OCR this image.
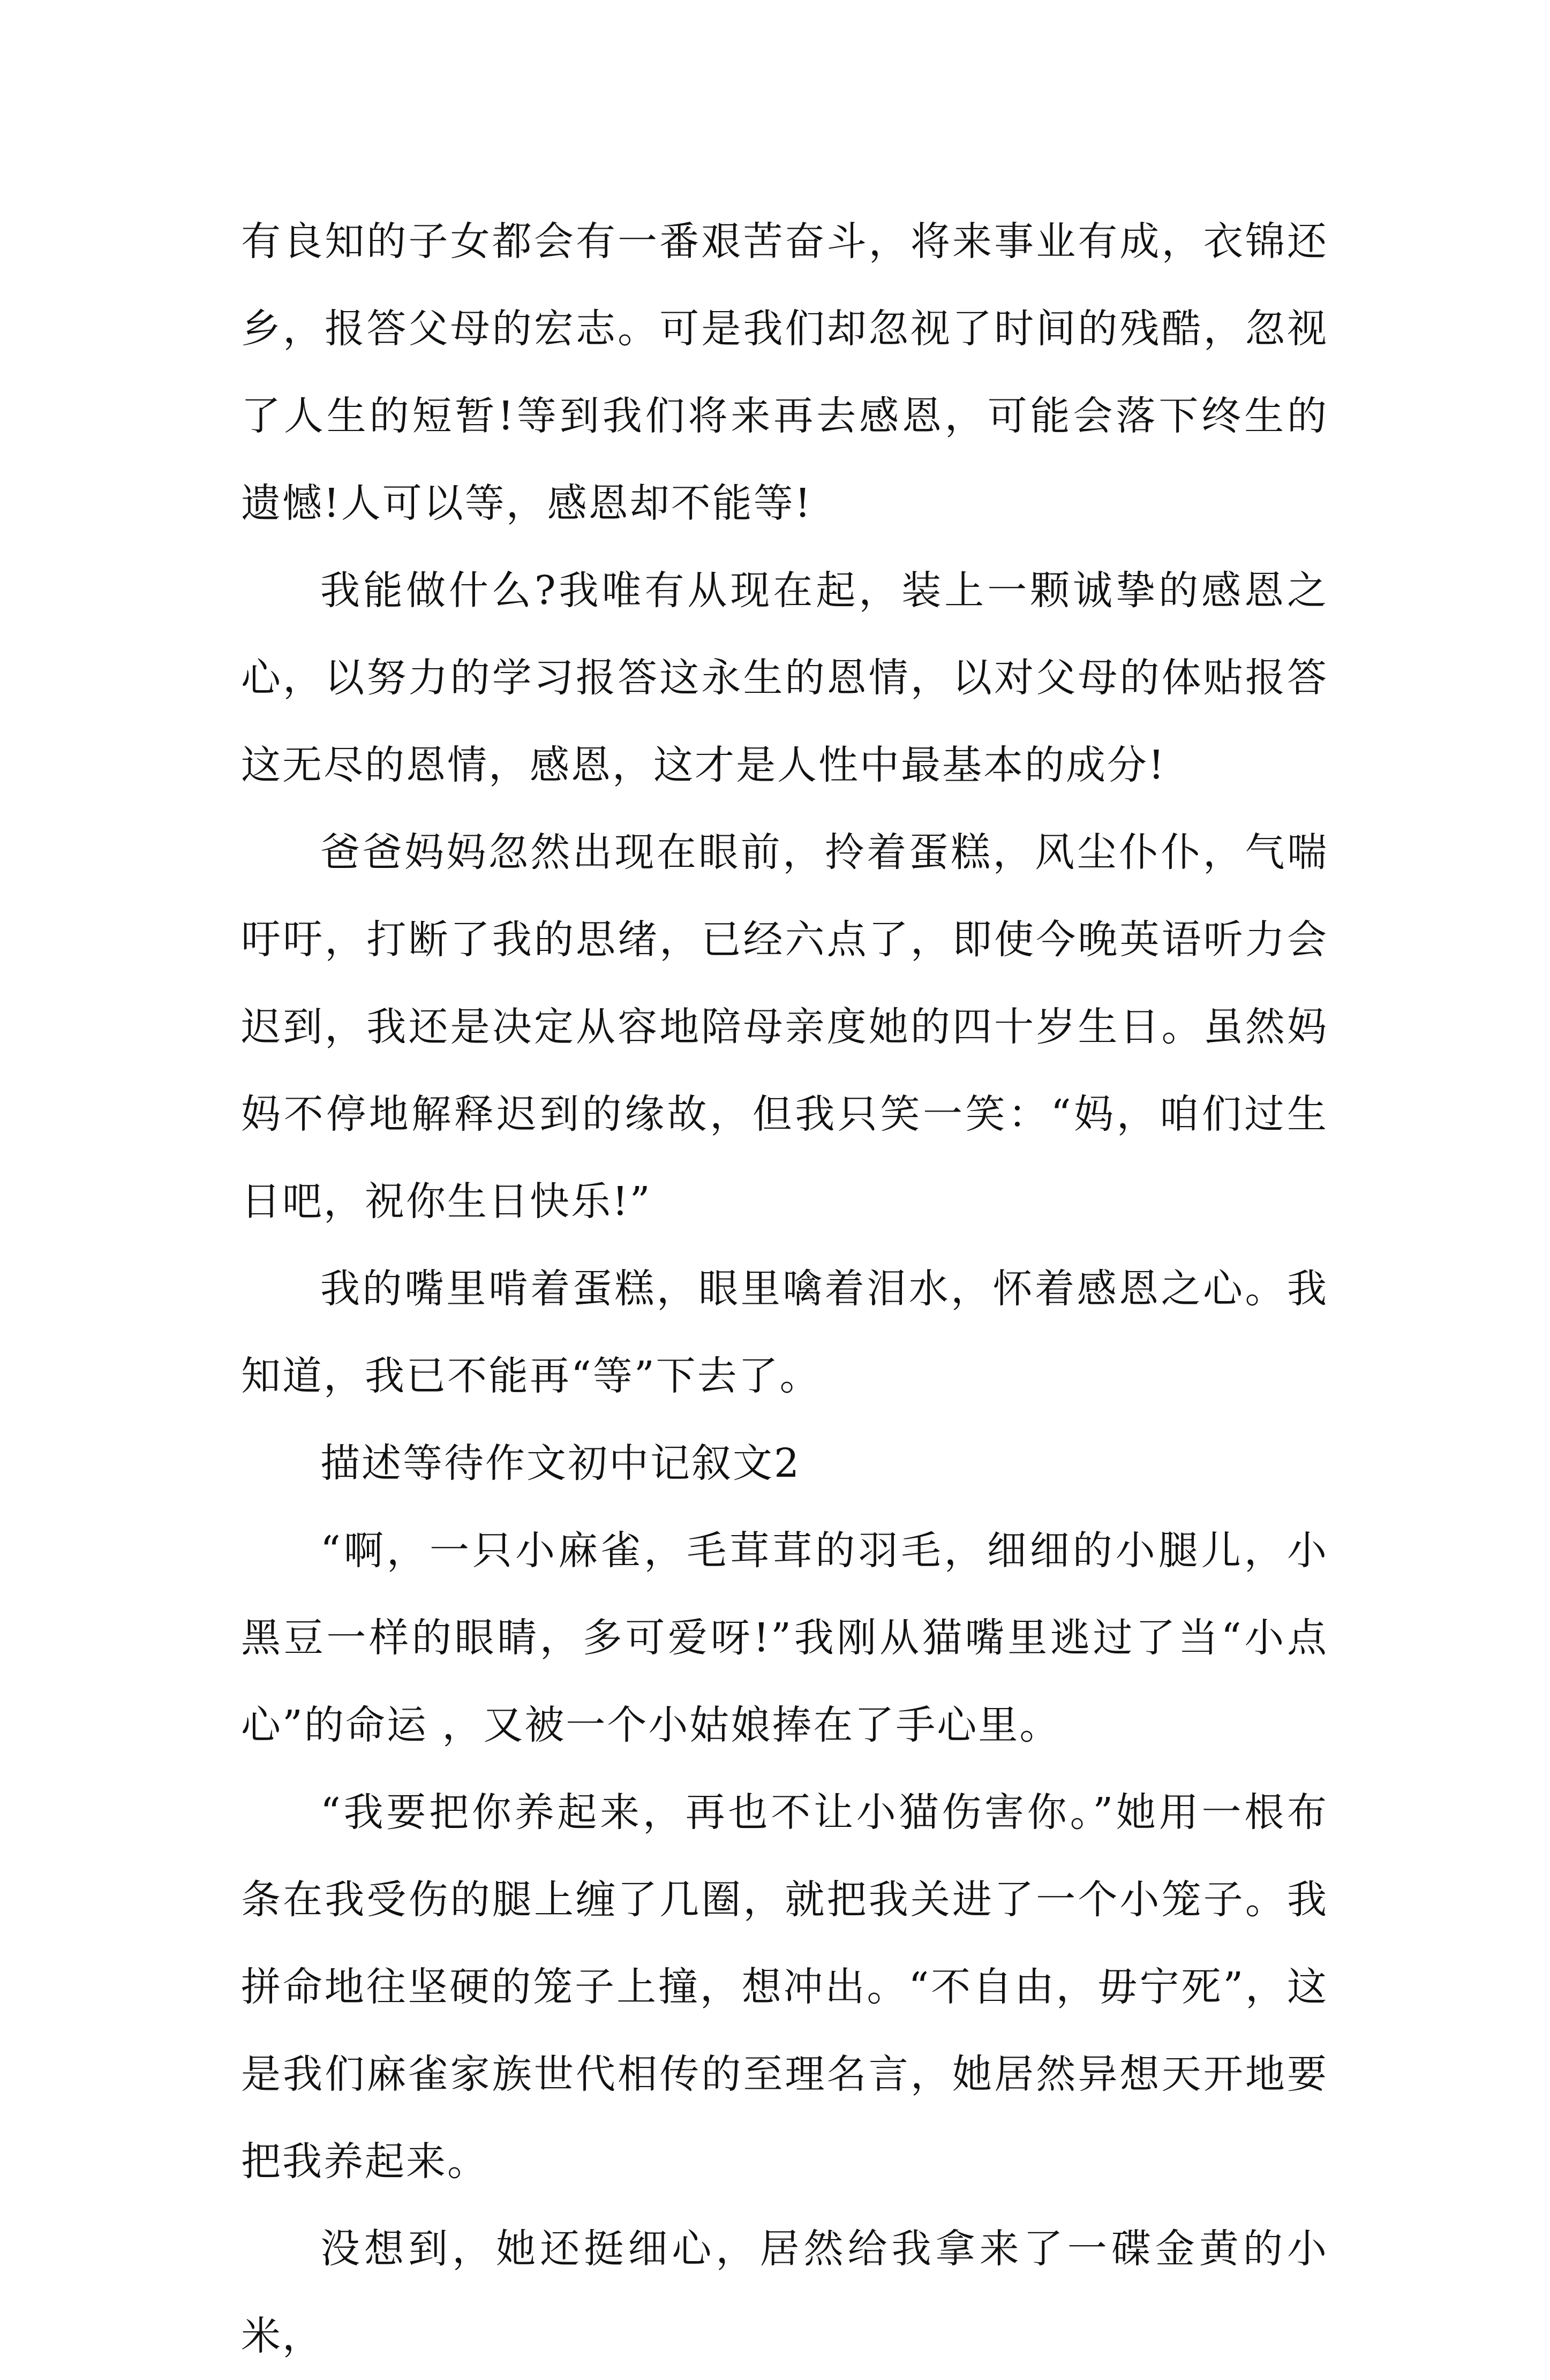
有良知的子女都会有一番艰苦奋斗，将来事业有成，衣锦还乡，报答父母的宏志。可是我们却忽视了时间的残酷，忽视了人生的短暂!等到我们将来再去感恩，可能会落下终生的遗憾!人可以等，感恩却不能等!

我能做什么?我唯有从现在起，装上一颗诚挚的感恩之心，以努力的学习报答这永生的恩情，以对父母的体贴报答这无尽的恩情，感恩，这才是人性中最基本的成分!

爸爸妈妈忽然出现在眼前，拎着蛋糕，风尘仆仆，气喘吁吁，打断了我的思绪，已经六点了，即使今晚英语听力会迟到，我还是决定从容地陪母亲度她的四十岁生日。虽然妈妈不停地解释迟到的缘故，但我只笑一笑：“妈，咱们过生日吧，祝你生日快乐!”

我的嘴里啃着蛋糕，眼里噙着泪水，怀着感恩之心。我知道，我已不能再“等”下去了。

描述等待作文初中记叙文2

“啊，一只小麻雀，毛茸茸的羽毛，细细的小腿儿，小黑豆一样的眼睛，多可爱呀!”我刚从猫嘴里逃过了当“小点心”的命运 ，又被一个小姑娘捧在了手心里。

“我要把你养起来，再也不让小猫伤害你。”她用一根布条在我受伤的腿上缠了几圈，就把我关进了一个小笼子。我拼命地往坚硬的笼子上撞，想冲出。“不自由，毋宁死”，这是我们麻雀家族世代相传的至理名言，她居然异想天开地要把我养起来。

没想到，她还挺细心，居然给我拿来了一碟金黄的小米，
